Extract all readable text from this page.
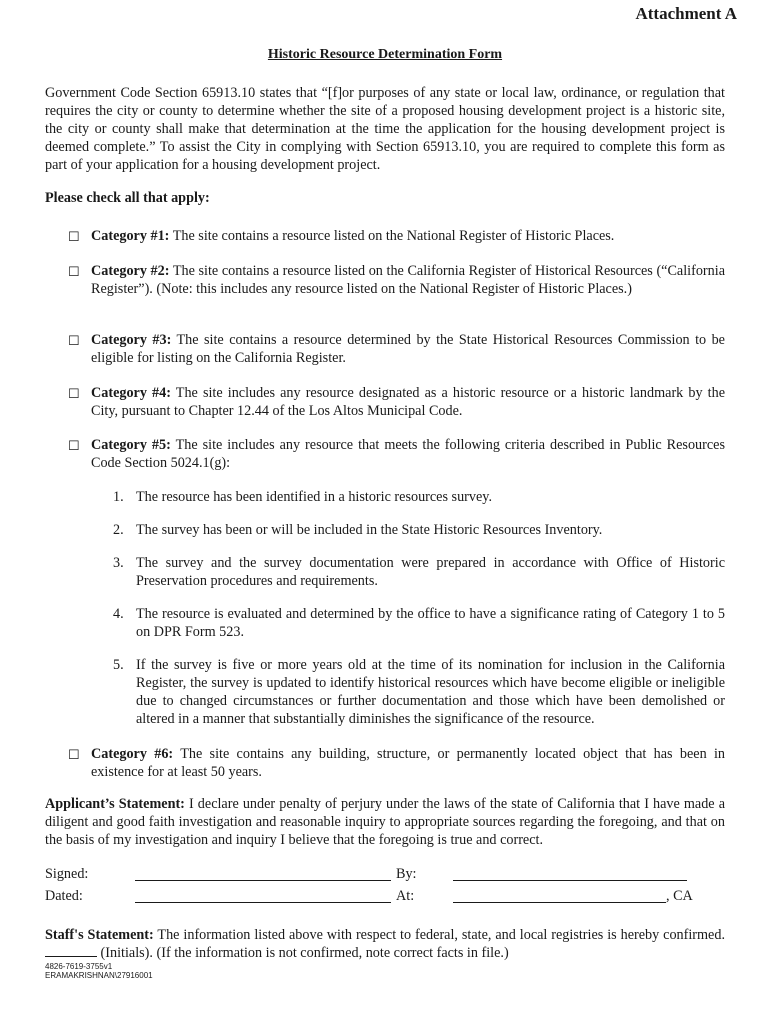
Attachment A
Historic Resource Determination Form

Government Code Section 65913.10 states that “[f]or purposes of any state or local law, ordinance, or regulation that requires the city or county to determine whether the site of a proposed housing development project is a historic site, the city or county shall make that determination at the time the application for the housing development project is deemed complete.” To assist the City in complying with Section 65913.10, you are required to complete this form as part of your application for a housing development project.

Please check all that apply:
☐ Category #1: The site contains a resource listed on the National Register of Historic Places.
☐ Category #2: The site contains a resource listed on the California Register of Historical Resources (“California Register”). (Note: this includes any resource listed on the National Register of Historic Places.)
☐ Category #3: The site contains a resource determined by the State Historical Resources Commission to be eligible for listing on the California Register.
☐ Category #4: The site includes any resource designated as a historic resource or a historic landmark by the City, pursuant to Chapter 12.44 of the Los Altos Municipal Code.
☐ Category #5: The site includes any resource that meets the following criteria described in Public Resources Code Section 5024.1(g):
1. The resource has been identified in a historic resources survey.
2. The survey has been or will be included in the State Historic Resources Inventory.
3. The survey and the survey documentation were prepared in accordance with Office of Historic Preservation procedures and requirements.
4. The resource is evaluated and determined by the office to have a significance rating of Category 1 to 5 on DPR Form 523.
5. If the survey is five or more years old at the time of its nomination for inclusion in the California Register, the survey is updated to identify historical resources which have become eligible or ineligible due to changed circumstances or further documentation and those which have been demolished or altered in a manner that substantially diminishes the significance of the resource.
☐ Category #6: The site contains any building, structure, or permanently located object that has been in existence for at least 50 years.

Applicant’s Statement: I declare under penalty of perjury under the laws of the state of California that I have made a diligent and good faith investigation and reasonable inquiry to appropriate sources regarding the foregoing, and that on the basis of my investigation and inquiry I believe that the foregoing is true and correct.

Signed:	By:
Dated:	At:	, CA

Staff's Statement: The information listed above with respect to federal, state, and local registries is hereby confirmed.  (Initials). (If the information is not confirmed, note correct facts in file.)

4826-7619-3755v1
ERAMAKRISHNAN\27916001
